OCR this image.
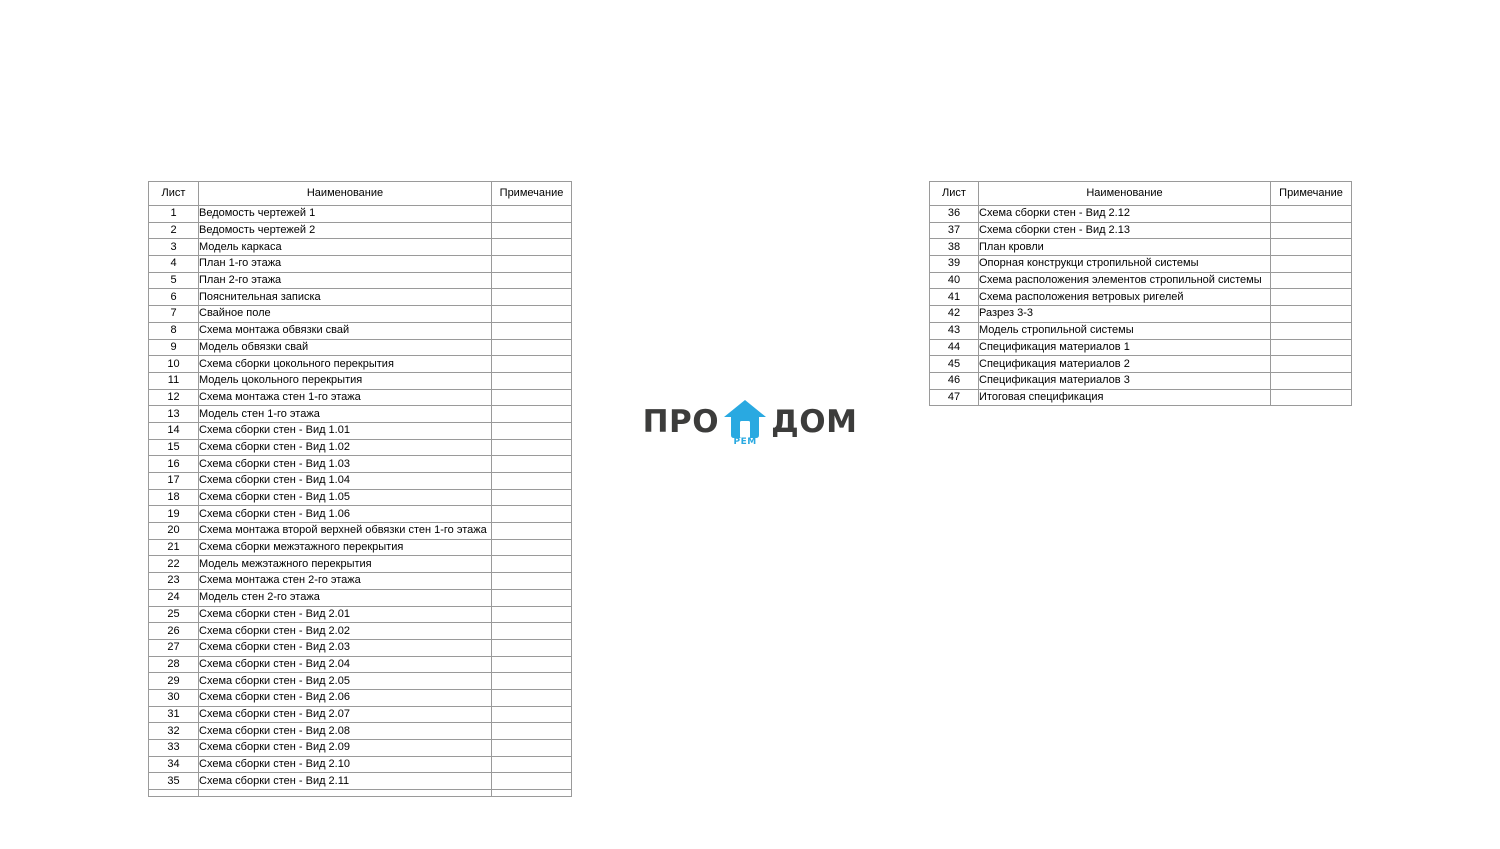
Лист	Наименование	Примечание
1	Ведомость чертежей 1	
2	Ведомость чертежей 2	
3	Модель каркаса	
4	План 1-го этажа	
5	План 2-го этажа	
6	Пояснительная записка	
7	Свайное поле	
8	Схема монтажа обвязки свай	
9	Модель обвязки свай	
10	Схема сборки цокольного перекрытия	
11	Модель цокольного перекрытия	
12	Схема монтажа стен 1-го этажа	
13	Модель стен 1-го этажа	
14	Схема сборки стен - Вид 1.01	
15	Схема сборки стен - Вид 1.02	
16	Схема сборки стен - Вид 1.03	
17	Схема сборки стен - Вид 1.04	
18	Схема сборки стен - Вид 1.05	
19	Схема сборки стен - Вид 1.06	
20	Схема монтажа второй верхней обвязки стен 1-го этажа	
21	Схема сборки межэтажного перекрытия	
22	Модель межэтажного перекрытия	
23	Схема монтажа стен 2-го этажа	
24	Модель стен 2-го этажа	
25	Схема сборки стен - Вид 2.01	
26	Схема сборки стен - Вид 2.02	
27	Схема сборки стен - Вид 2.03	
28	Схема сборки стен - Вид 2.04	
29	Схема сборки стен - Вид 2.05	
30	Схема сборки стен - Вид 2.06	
31	Схема сборки стен - Вид 2.07	
32	Схема сборки стен - Вид 2.08	
33	Схема сборки стен - Вид 2.09	
34	Схема сборки стен - Вид 2.10	
35	Схема сборки стен - Вид 2.11	

Лист	Наименование	Примечание
36	Схема сборки стен - Вид 2.12	
37	Схема сборки стен - Вид 2.13	
38	План кровли	
39	Опорная конструкци стропильной системы	
40	Схема расположения элементов стропильной системы	
41	Схема расположения ветровых ригелей	
42	Разрез 3-3	
43	Модель стропильной системы	
44	Спецификация материалов 1	
45	Спецификация материалов 2	
46	Спецификация материалов 3	
47	Итоговая спецификация	
ПРО
РЕМ
ДОМ
